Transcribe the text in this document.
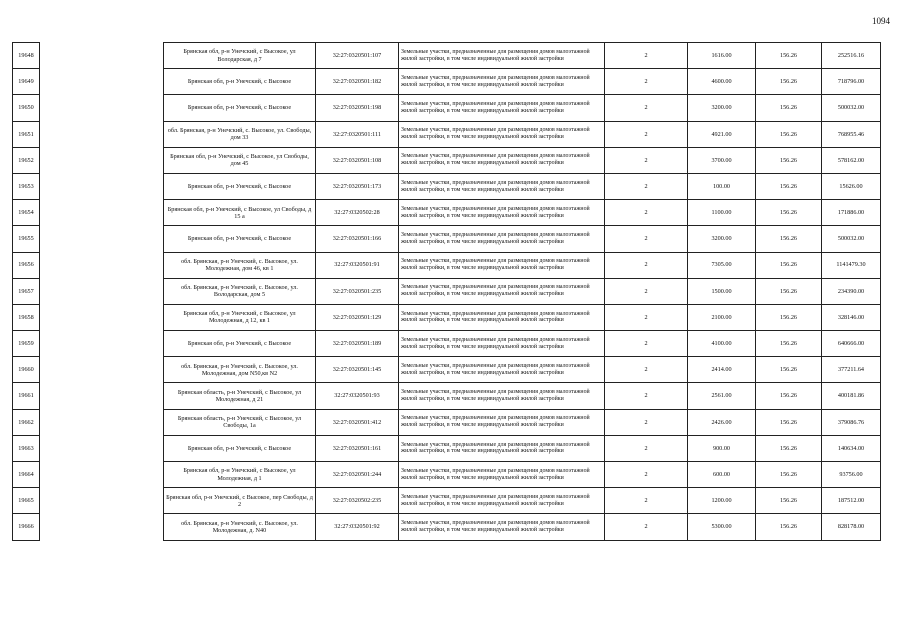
1094
19648		Брянская обл, р-н Унечский, с Высокое, ул Володарская, д 7	32:27:0320501:107	Земельные участки, предназначенные для размещения домов малоэтажной жилой застройки, в том числе индивидуальной жилой застройки	2	1616.00	156.26	252516.16
19649		Брянская обл, р-н Унечский, с Высокое	32:27:0320501:182	Земельные участки, предназначенные для размещения домов малоэтажной жилой застройки, в том числе индивидуальной жилой застройки	2	4600.00	156.26	718796.00
19650		Брянская обл, р-н Унечский, с Высокое	32:27:0320501:198	Земельные участки, предназначенные для размещения домов малоэтажной жилой застройки, в том числе индивидуальной жилой застройки	2	3200.00	156.26	500032.00
19651		обл. Брянская, р-н Унечский, с. Высокое, ул. Свободы, дом 33	32:27:0320501:111	Земельные участки, предназначенные для размещения домов малоэтажной жилой застройки, в том числе индивидуальной жилой застройки	2	4921.00	156.26	768955.46
19652		Брянская обл, р-н Унечский, с Высокое, ул Свободы, дом 45	32:27:0320501:108	Земельные участки, предназначенные для размещения домов малоэтажной жилой застройки, в том числе индивидуальной жилой застройки	2	3700.00	156.26	578162.00
19653		Брянская обл, р-н Унечский, с Высокое	32:27:0320501:173	Земельные участки, предназначенные для размещения домов малоэтажной жилой застройки, в том числе индивидуальной жилой застройки	2	100.00	156.26	15626.00
19654		Брянская обл, р-н Унечский, с Высокое, ул Свободы, д 15 а	32:27:0320502:28	Земельные участки, предназначенные для размещения домов малоэтажной жилой застройки, в том числе индивидуальной жилой застройки	2	1100.00	156.26	171886.00
19655		Брянская обл, р-н Унечский, с Высокое	32:27:0320501:166	Земельные участки, предназначенные для размещения домов малоэтажной жилой застройки, в том числе индивидуальной жилой застройки	2	3200.00	156.26	500032.00
19656		обл. Брянская, р-н Унечский, с. Высокое, ул. Молодежная, дом 46, кв 1	32:27:0320501:91	Земельные участки, предназначенные для размещения домов малоэтажной жилой застройки, в том числе индивидуальной жилой застройки	2	7305.00	156.26	1141479.30
19657		обл. Брянская, р-н Унечский, с. Высокое, ул. Володарская, дом 5	32:27:0320501:235	Земельные участки, предназначенные для размещения домов малоэтажной жилой застройки, в том числе индивидуальной жилой застройки	2	1500.00	156.26	234390.00
19658		Брянская обл, р-н Унечский, с Высокое, ул Молодежная, д 12, кв 1	32:27:0320501:129	Земельные участки, предназначенные для размещения домов малоэтажной жилой застройки, в том числе индивидуальной жилой застройки	2	2100.00	156.26	328146.00
19659		Брянская обл, р-н Унечский, с Высокое	32:27:0320501:189	Земельные участки, предназначенные для размещения домов малоэтажной жилой застройки, в том числе индивидуальной жилой застройки	2	4100.00	156.26	640666.00
19660		обл. Брянская, р-н Унечский, с. Высокое, ул. Молодежная, дом N50,кв N2	32:27:0320501:145	Земельные участки, предназначенные для размещения домов малоэтажной жилой застройки, в том числе индивидуальной жилой застройки	2	2414.00	156.26	377211.64
19661		Брянская область, р-н Унечский, с Высокое, ул Молодежная, д 21	32:27:0320501:93	Земельные участки, предназначенные для размещения домов малоэтажной жилой застройки, в том числе индивидуальной жилой застройки	2	2561.00	156.26	400181.86
19662		Брянская область, р-н Унечский, с Высокое, ул Свободы, 1а	32:27:0320501:412	Земельные участки, предназначенные для размещения домов малоэтажной жилой застройки, в том числе индивидуальной жилой застройки	2	2426.00	156.26	379086.76
19663		Брянская обл, р-н Унечский, с Высокое	32:27:0320501:161	Земельные участки, предназначенные для размещения домов малоэтажной жилой застройки, в том числе индивидуальной жилой застройки	2	900.00	156.26	140634.00
19664		Брянская обл, р-н Унечский, с Высокое, ул Молодежная, д 1	32:27:0320501:244	Земельные участки, предназначенные для размещения домов малоэтажной жилой застройки, в том числе индивидуальной жилой застройки	2	600.00	156.26	93756.00
19665		Брянская обл, р-н Унечский, с Высокое, пер Свободы, д 2	32:27:0320502:235	Земельные участки, предназначенные для размещения домов малоэтажной жилой застройки, в том числе индивидуальной жилой застройки	2	1200.00	156.26	187512.00
19666		обл. Брянская, р-н Унечский, с. Высокое, ул. Молодежная, д. N40	32:27:0320501:92	Земельные участки, предназначенные для размещения домов малоэтажной жилой застройки, в том числе индивидуальной жилой застройки	2	5300.00	156.26	828178.00
